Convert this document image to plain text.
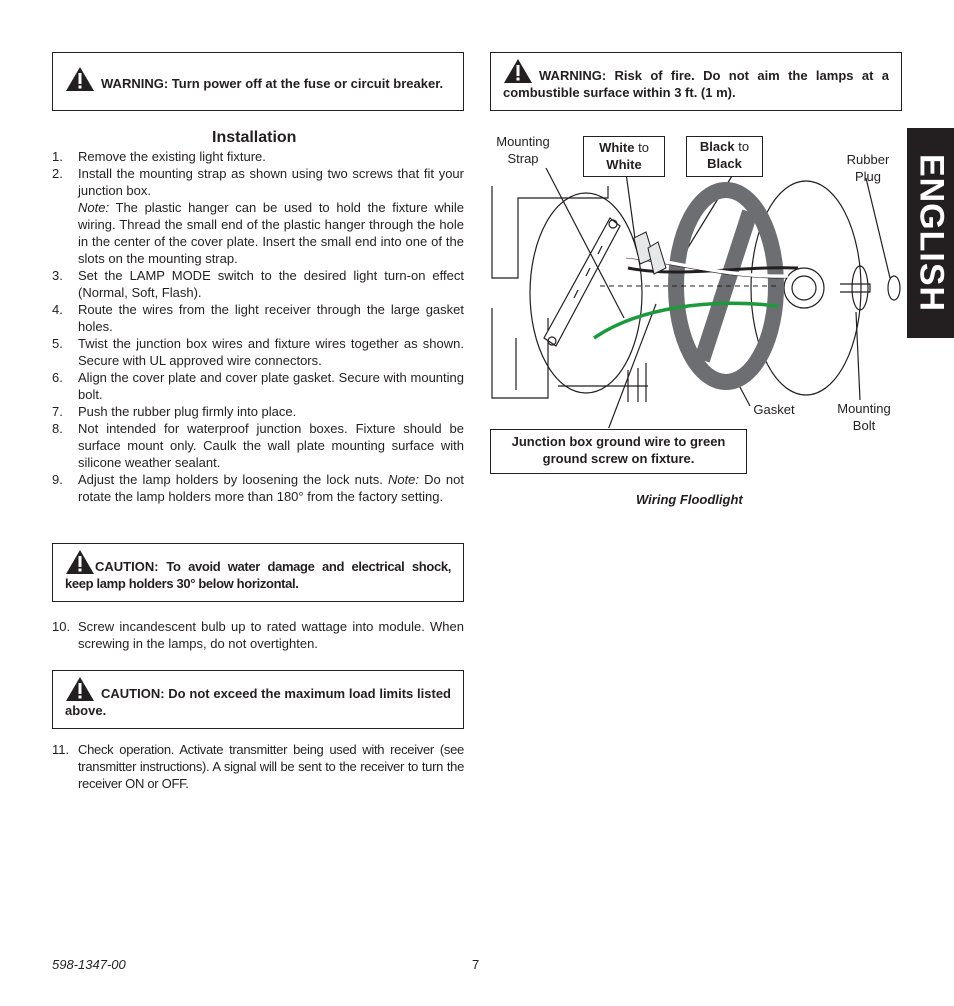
WARNING: Turn power off at the fuse or circuit breaker.
WARNING: Risk of fire. Do not aim the lamps at a combustible surface within 3 ft. (1 m).
Installation
1. Remove the existing light fixture.
2. Install the mounting strap as shown using two screws that fit your junction box.
Note: The plastic hanger can be used to hold the fixture while wiring. Thread the small end of the plastic hanger through the hole in the center of the cover plate. Insert the small end into one of the slots on the mounting strap.
3. Set the LAMP MODE switch to the desired light turn-on effect (Normal, Soft, Flash).
4. Route the wires from the light receiver through the large gasket holes.
5. Twist the junction box wires and fixture wires together as shown. Secure with UL approved wire connectors.
6. Align the cover plate and cover plate gasket. Secure with mounting bolt.
7. Push the rubber plug firmly into place.
8. Not intended for waterproof junction boxes. Fixture should be surface mount only. Caulk the wall plate mounting surface with silicone weather sealant.
9. Adjust the lamp holders by loosening the lock nuts. Note: Do not rotate the lamp holders more than 180° from the factory setting.
CAUTION: To avoid water damage and electrical shock, keep lamp holders 30° below horizontal.
10. Screw incandescent bulb up to rated wattage into module. When screwing in the lamps, do not overtighten.
CAUTION: Do not exceed the maximum load limits listed above.
11. Check operation. Activate transmitter being used with receiver (see transmitter instructions). A signal will be sent to the receiver to turn the receiver ON or OFF.
ENGLISH
Mounting Strap
White to
White
Black to
Black	Rubber Plug
Gasket	Mounting Bolt
Junction box ground wire to green ground screw on fixture.
Wiring Floodlight
598-1347-00	7
